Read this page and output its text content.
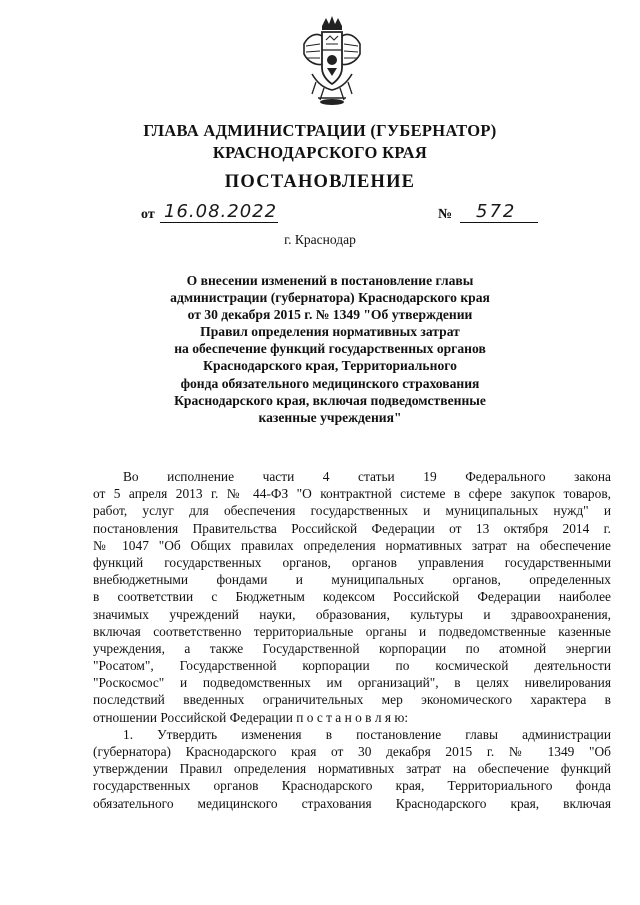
ГЛАВА АДМИНИСТРАЦИИ (ГУБЕРНАТОР)
КРАСНОДАРСКОГО КРАЯ
ПОСТАНОВЛЕНИЕ
от 16.08.2022	№ 572
г. Краснодар
О внесении изменений в постановление главы
администрации (губернатора) Краснодарского края
от 30 декабря 2015 г. № 1349 "Об утверждении
Правил определения нормативных затрат
на обеспечение функций государственных органов
Краснодарского края, Территориального
фонда обязательного медицинского страхования
Краснодарского края, включая подведомственные
казенные учреждения"
Во исполнение части 4 статьи 19 Федерального закона
от 5 апреля 2013 г. № 44-ФЗ "О контрактной системе в сфере закупок товаров,
работ, услуг для обеспечения государственных и муниципальных нужд" и
постановления Правительства Российской Федерации от 13 октября 2014 г.
№ 1047 "Об Общих правилах определения нормативных затрат на обеспечение
функций государственных органов, органов управления государственными
внебюджетными фондами и муниципальных органов, определенных
в соответствии с Бюджетным кодексом Российской Федерации наиболее
значимых учреждений науки, образования, культуры и здравоохранения,
включая соответственно территориальные органы и подведомственные казенные
учреждения, а также Государственной корпорации по атомной энергии
"Росатом", Государственной корпорации по космической деятельности
"Роскосмос" и подведомственных им организаций", в целях нивелирования
последствий введенных ограничительных мер экономического характера в
отношении Российской Федерации п о с т а н о в л я ю:
1. Утвердить изменения в постановление главы администрации
(губернатора) Краснодарского края от 30 декабря 2015 г. № 1349 "Об
утверждении Правил определения нормативных затрат на обеспечение функций
государственных органов Краснодарского края, Территориального фонда
обязательного медицинского страхования Краснодарского края, включая
